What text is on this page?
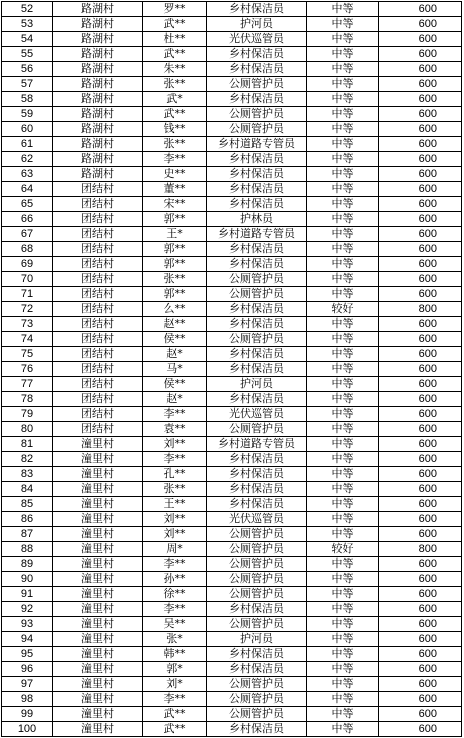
52	路湖村	罗**	乡村保洁员	中等	600
53	路湖村	武**	护河员	中等	600
54	路湖村	杜**	光伏巡管员	中等	600
55	路湖村	武**	乡村保洁员	中等	600
56	路湖村	朱**	乡村保洁员	中等	600
57	路湖村	张**	公厕管护员	中等	600
58	路湖村	武*	乡村保洁员	中等	600
59	路湖村	武**	公厕管护员	中等	600
60	路湖村	钱**	公厕管护员	中等	600
61	路湖村	张**	乡村道路专管员	中等	600
62	路湖村	李**	乡村保洁员	中等	600
63	路湖村	史**	乡村保洁员	中等	600
64	团结村	董**	乡村保洁员	中等	600
65	团结村	宋**	乡村保洁员	中等	600
66	团结村	郭**	护林员	中等	600
67	团结村	王*	乡村道路专管员	中等	600
68	团结村	郭**	乡村保洁员	中等	600
69	团结村	郭**	乡村保洁员	中等	600
70	团结村	张**	公厕管护员	中等	600
71	团结村	郭**	公厕管护员	中等	600
72	团结村	么**	乡村保洁员	较好	800
73	团结村	赵**	乡村保洁员	中等	600
74	团结村	侯**	公厕管护员	中等	600
75	团结村	赵*	乡村保洁员	中等	600
76	团结村	马*	乡村保洁员	中等	600
77	团结村	侯**	护河员	中等	600
78	团结村	赵*	乡村保洁员	中等	600
79	团结村	李**	光伏巡管员	中等	600
80	团结村	袁**	公厕管护员	中等	600
81	潼里村	刘**	乡村道路专管员	中等	600
82	潼里村	李**	乡村保洁员	中等	600
83	潼里村	孔**	乡村保洁员	中等	600
84	潼里村	张**	乡村保洁员	中等	600
85	潼里村	王**	乡村保洁员	中等	600
86	潼里村	刘**	光伏巡管员	中等	600
87	潼里村	刘**	公厕管护员	中等	600
88	潼里村	周*	公厕管护员	较好	800
89	潼里村	李**	公厕管护员	中等	600
90	潼里村	孙**	公厕管护员	中等	600
91	潼里村	徐**	公厕管护员	中等	600
92	潼里村	李**	乡村保洁员	中等	600
93	潼里村	吴**	公厕管护员	中等	600
94	潼里村	张*	护河员	中等	600
95	潼里村	韩**	乡村保洁员	中等	600
96	潼里村	郭*	乡村保洁员	中等	600
97	潼里村	刘*	公厕管护员	中等	600
98	潼里村	李**	公厕管护员	中等	600
99	潼里村	武**	公厕管护员	中等	600
100	潼里村	武**	乡村保洁员	中等	600
